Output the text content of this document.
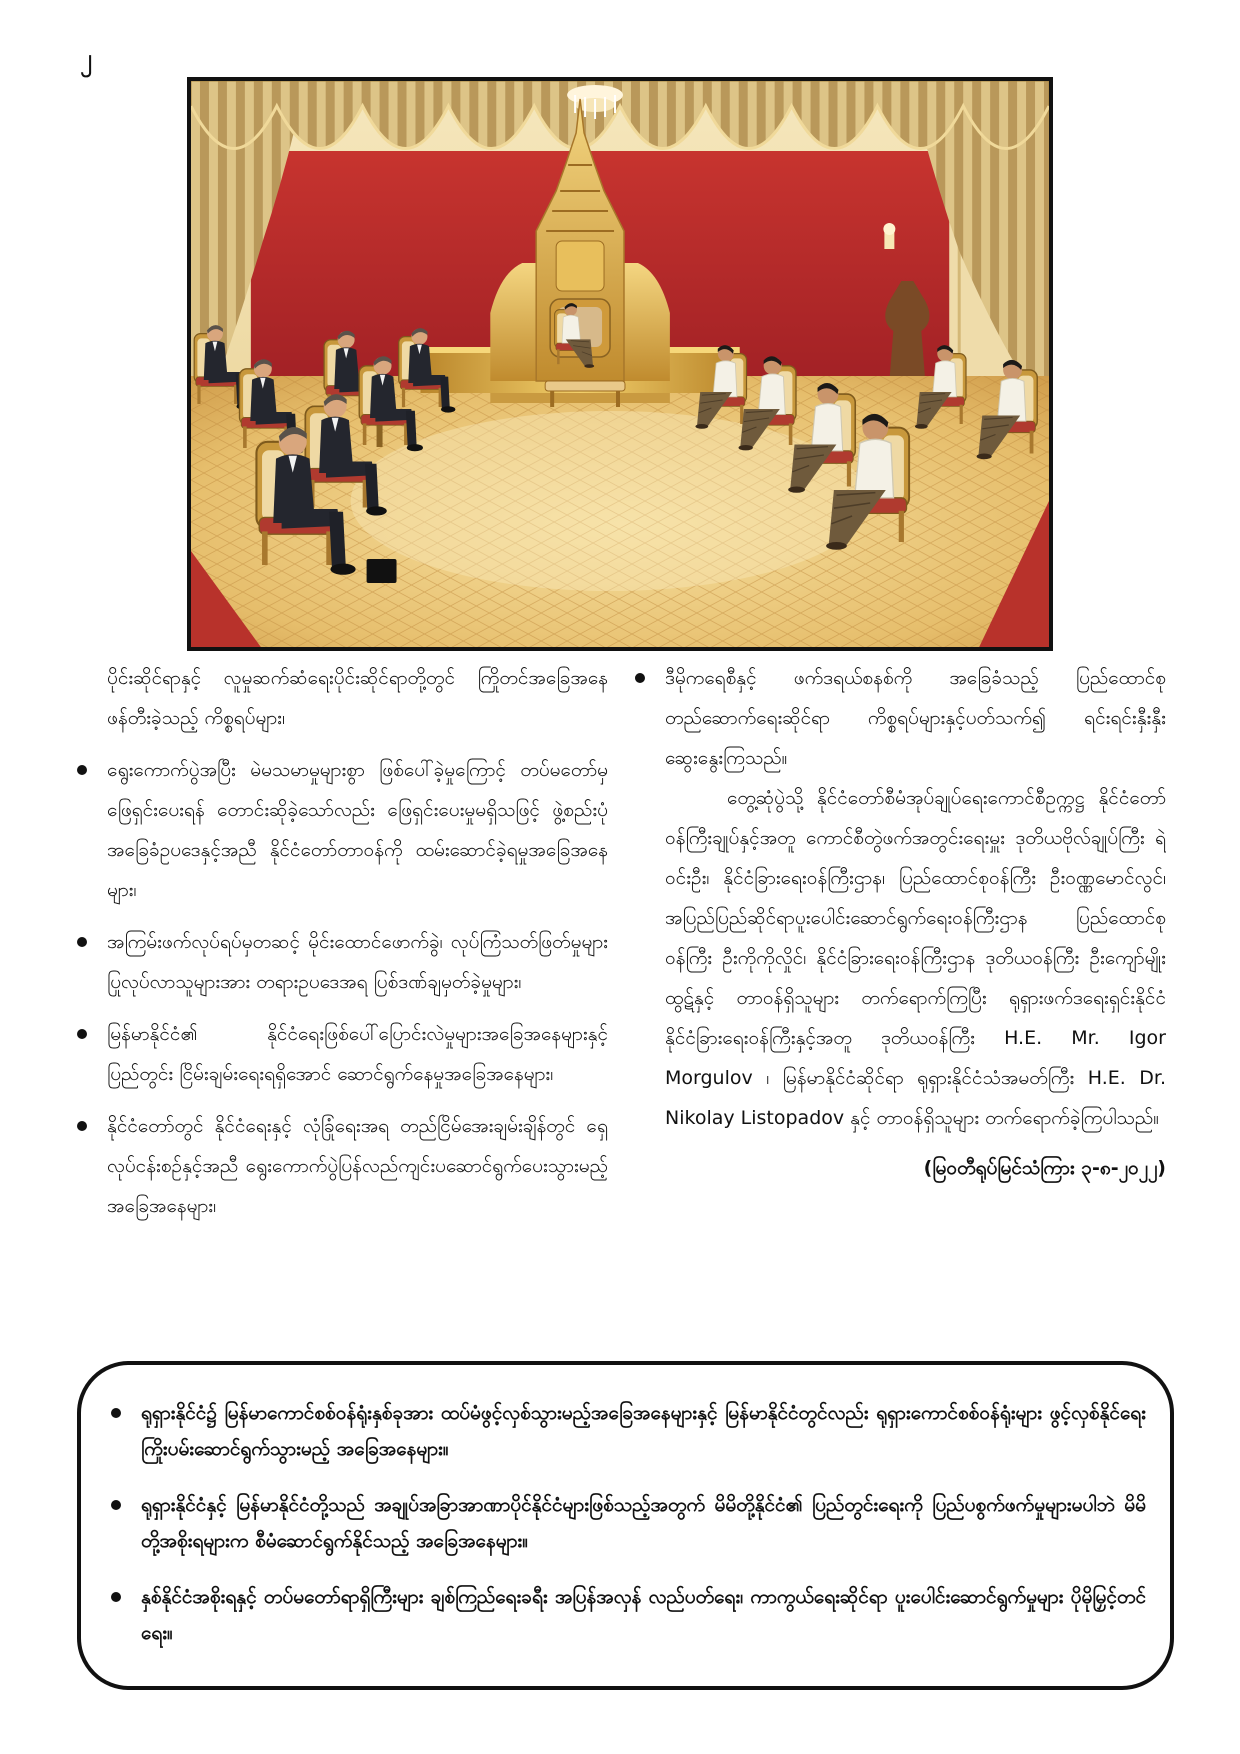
၂

ပိုင်းဆိုင်ရာနှင့် လူမှုဆက်ဆံရေးပိုင်းဆိုင်ရာတို့တွင် ကြိုတင်အခြေအနေဖန်တီးခဲ့သည့် ကိစ္စရပ်များ၊

ရွေးကောက်ပွဲအပြီး မဲမသမာမှုများစွာ ဖြစ်ပေါ်ခဲ့မှုကြောင့် တပ်မတော်မှ ဖြေရှင်းပေးရန် တောင်းဆိုခဲ့သော်လည်း ဖြေရှင်းပေးမှုမရှိသဖြင့် ဖွဲ့စည်းပုံအခြေခံဥပဒေနှင့်အညီ နိုင်ငံတော်တာဝန်ကို ထမ်းဆောင်ခဲ့ရမှုအခြေအနေများ၊
အကြမ်းဖက်လုပ်ရပ်မှတဆင့် မိုင်းထောင်ဖောက်ခွဲ၊ လုပ်ကြံသတ်ဖြတ်မှုများ ပြုလုပ်လာသူများအား တရားဥပဒေအရ ပြစ်ဒဏ်ချမှတ်ခဲ့မှုများ၊
မြန်မာနိုင်ငံ၏ နိုင်ငံရေးဖြစ်ပေါ်ပြောင်းလဲမှုများအခြေအနေများနှင့် ပြည်တွင်း ငြိမ်းချမ်းရေးရရှိအောင် ဆောင်ရွက်နေမှုအခြေအနေများ၊
နိုင်ငံတော်တွင် နိုင်ငံရေးနှင့် လုံခြုံရေးအရ တည်ငြိမ်အေးချမ်းချိန်တွင် ရှေ့လုပ်ငန်းစဉ်နှင့်အညီ ရွေးကောက်ပွဲပြန်လည်ကျင်းပဆောင်ရွက်ပေးသွားမည့် အခြေအနေများ၊
ဒီမိုကရေစီနှင့် ဖက်ဒရယ်စနစ်ကို အခြေခံသည့် ပြည်ထောင်စု တည်ဆောက်ရေးဆိုင်ရာ ကိစ္စရပ်များနှင့်ပတ်သက်၍ ရင်းရင်းနှီးနှီး ဆွေးနွေးကြသည်။

တွေ့ဆုံပွဲသို့ နိုင်ငံတော်စီမံအုပ်ချုပ်ရေးကောင်စီဥက္ကဋ္ဌ နိုင်ငံတော်ဝန်ကြီးချုပ်နှင့်အတူ ကောင်စီတွဲဖက်အတွင်းရေးမှူး ဒုတိယဗိုလ်ချုပ်ကြီး ရဲဝင်းဦး၊ နိုင်ငံခြားရေးဝန်ကြီးဌာန၊ ပြည်ထောင်စုဝန်ကြီး ဦးဝဏ္ဏမောင်လွင်၊ အပြည်ပြည်ဆိုင်ရာပူးပေါင်းဆောင်ရွက်ရေးဝန်ကြီးဌာန ပြည်ထောင်စုဝန်ကြီး ဦးကိုကိုလှိုင်၊ နိုင်ငံခြားရေးဝန်ကြီးဌာန ဒုတိယဝန်ကြီး ဦးကျော်မျိုးထွဋ်နှင့် တာဝန်ရှိသူများ တက်ရောက်ကြပြီး ရုရှားဖက်ဒရေးရှင်းနိုင်ငံ နိုင်ငံခြားရေးဝန်ကြီးနှင့်အတူ ဒုတိယဝန်ကြီး H.E. Mr. Igor Morgulov ၊ မြန်မာနိုင်ငံဆိုင်ရာ ရုရှားနိုင်ငံသံအမတ်ကြီး H.E. Dr. Nikolay Listopadov နှင့် တာဝန်ရှိသူများ တက်ရောက်ခဲ့ကြပါသည်။

(မြဝတီရုပ်မြင်သံကြား ၃-၈-၂၀၂၂)

ရုရှားနိုင်ငံ၌ မြန်မာကောင်စစ်ဝန်ရုံးနှစ်ခုအား ထပ်မံဖွင့်လှစ်သွားမည့်အခြေအနေများနှင့် မြန်မာနိုင်ငံတွင်လည်း ရုရှားကောင်စစ်ဝန်ရုံးများ ဖွင့်လှစ်နိုင်ရေး ကြိုးပမ်းဆောင်ရွက်သွားမည့် အခြေအနေများ။
ရုရှားနိုင်ငံနှင့် မြန်မာနိုင်ငံတို့သည် အချုပ်အခြာအာဏာပိုင်နိုင်ငံများဖြစ်သည့်အတွက် မိမိတို့နိုင်ငံ၏ ပြည်တွင်းရေးကို ပြည်ပစွက်ဖက်မှုများမပါဘဲ မိမိတို့အစိုးရများက စီမံဆောင်ရွက်နိုင်သည့် အခြေအနေများ။
နှစ်နိုင်ငံအစိုးရနှင့် တပ်မတော်ရာရှိကြီးများ ချစ်ကြည်ရေးခရီး အပြန်အလှန် လည်ပတ်ရေး၊ ကာကွယ်ရေးဆိုင်ရာ ပူးပေါင်းဆောင်ရွက်မှုများ ပိုမိုမြှင့်တင်ရေး။
